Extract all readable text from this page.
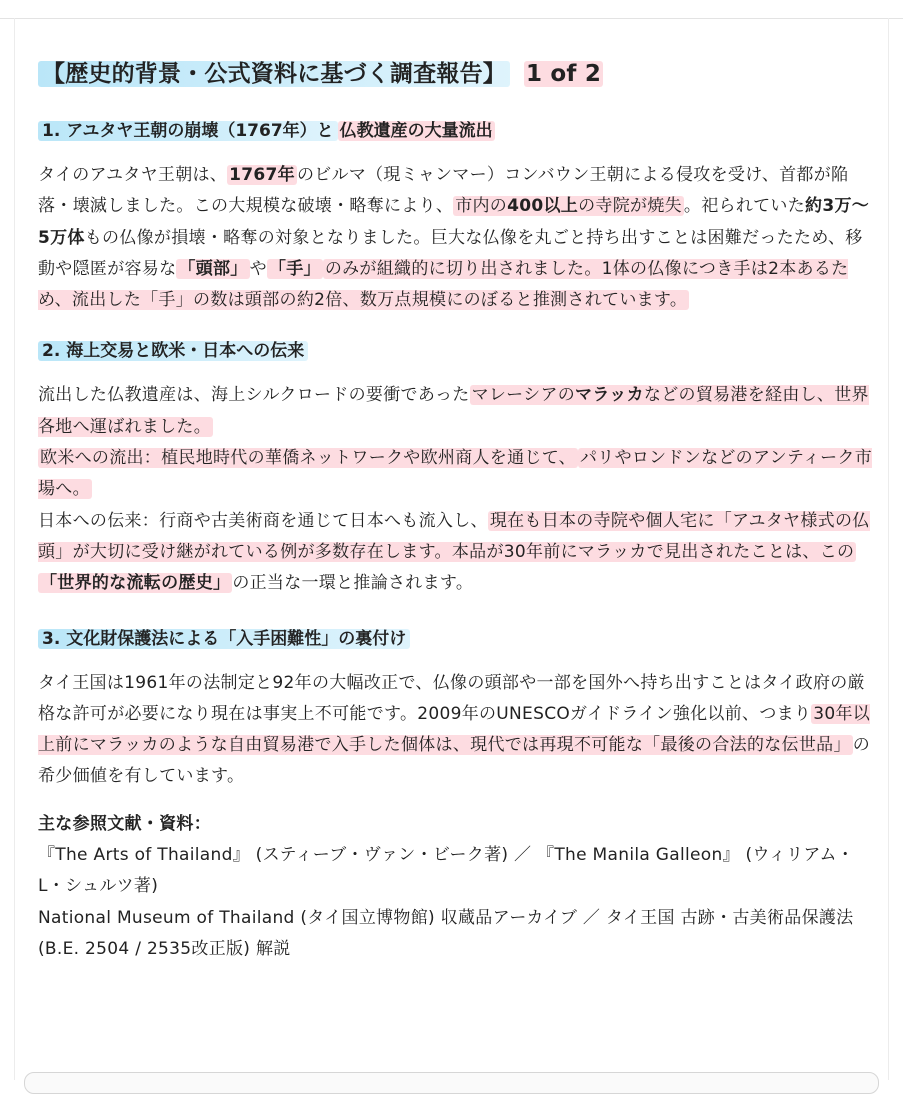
【歴史的背景・公式資料に基づく調査報告】 1 of 2
1. アユタヤ王朝の崩壊（1767年）と 仏教遺産の大量流出

タイのアユタヤ王朝は、 1767年 のビルマ（現ミャンマー）コンバウン王朝による侵攻を受け、首都が陥落・壊滅しました。この大規模な破壊・略奪により、 市内の400以上の寺院が焼失 。祀られていた約3万〜5万体もの仏像が損壊・略奪の対象となりました。巨大な仏像を丸ごと持ち出すことは困難だったため、移動や隠匿が容易な 「頭部」 や 「手」 のみが組織的に切り出されました。1体の仏像につき手は2本あるため、流出した「手」の数は頭部の約2倍、数万点規模にのぼると推測されています。

2. 海上交易と欧米・日本への伝来

流出した仏教遺産は、海上シルクロードの要衝であった マレーシアのマラッカなどの貿易港を経由し、世界各地へ運ばれました。

欧米への流出：植民地時代の華僑ネットワークや欧州商人を通じて、 パリやロンドンなどのアンティーク市場へ。

日本への伝来：行商や古美術商を通じて日本へも流入し、 現在も日本の寺院や個人宅に「アユタヤ様式の仏頭」が大切に受け継がれている例が多数存在します。本品が30年前にマラッカで見出されたことは、この「世界的な流転の歴史」 の正当な一環と推論されます。

3. 文化財保護法による「入手困難性」の裏付け

タイ王国は1961年の法制定と92年の大幅改正で、仏像の頭部や一部を国外へ持ち出すことはタイ政府の厳格な許可が必要になり現在は事実上不可能です。2009年のUNESCOガイドライン強化以前、つまり 30年以上前にマラッカのような自由貿易港で入手した個体は、現代では再現不可能な「最後の合法的な伝世品」 の希少価値を有しています。

主な参照文献・資料：
『The Arts of Thailand』 (スティーブ・ヴァン・ビーク著) ／ 『The Manila Galleon』 (ウィリアム・L・シュルツ著)
National Museum of Thailand (タイ国立博物館) 収蔵品アーカイブ ／ タイ王国 古跡・古美術品保護法 (B.E. 2504 / 2535改正版) 解説
